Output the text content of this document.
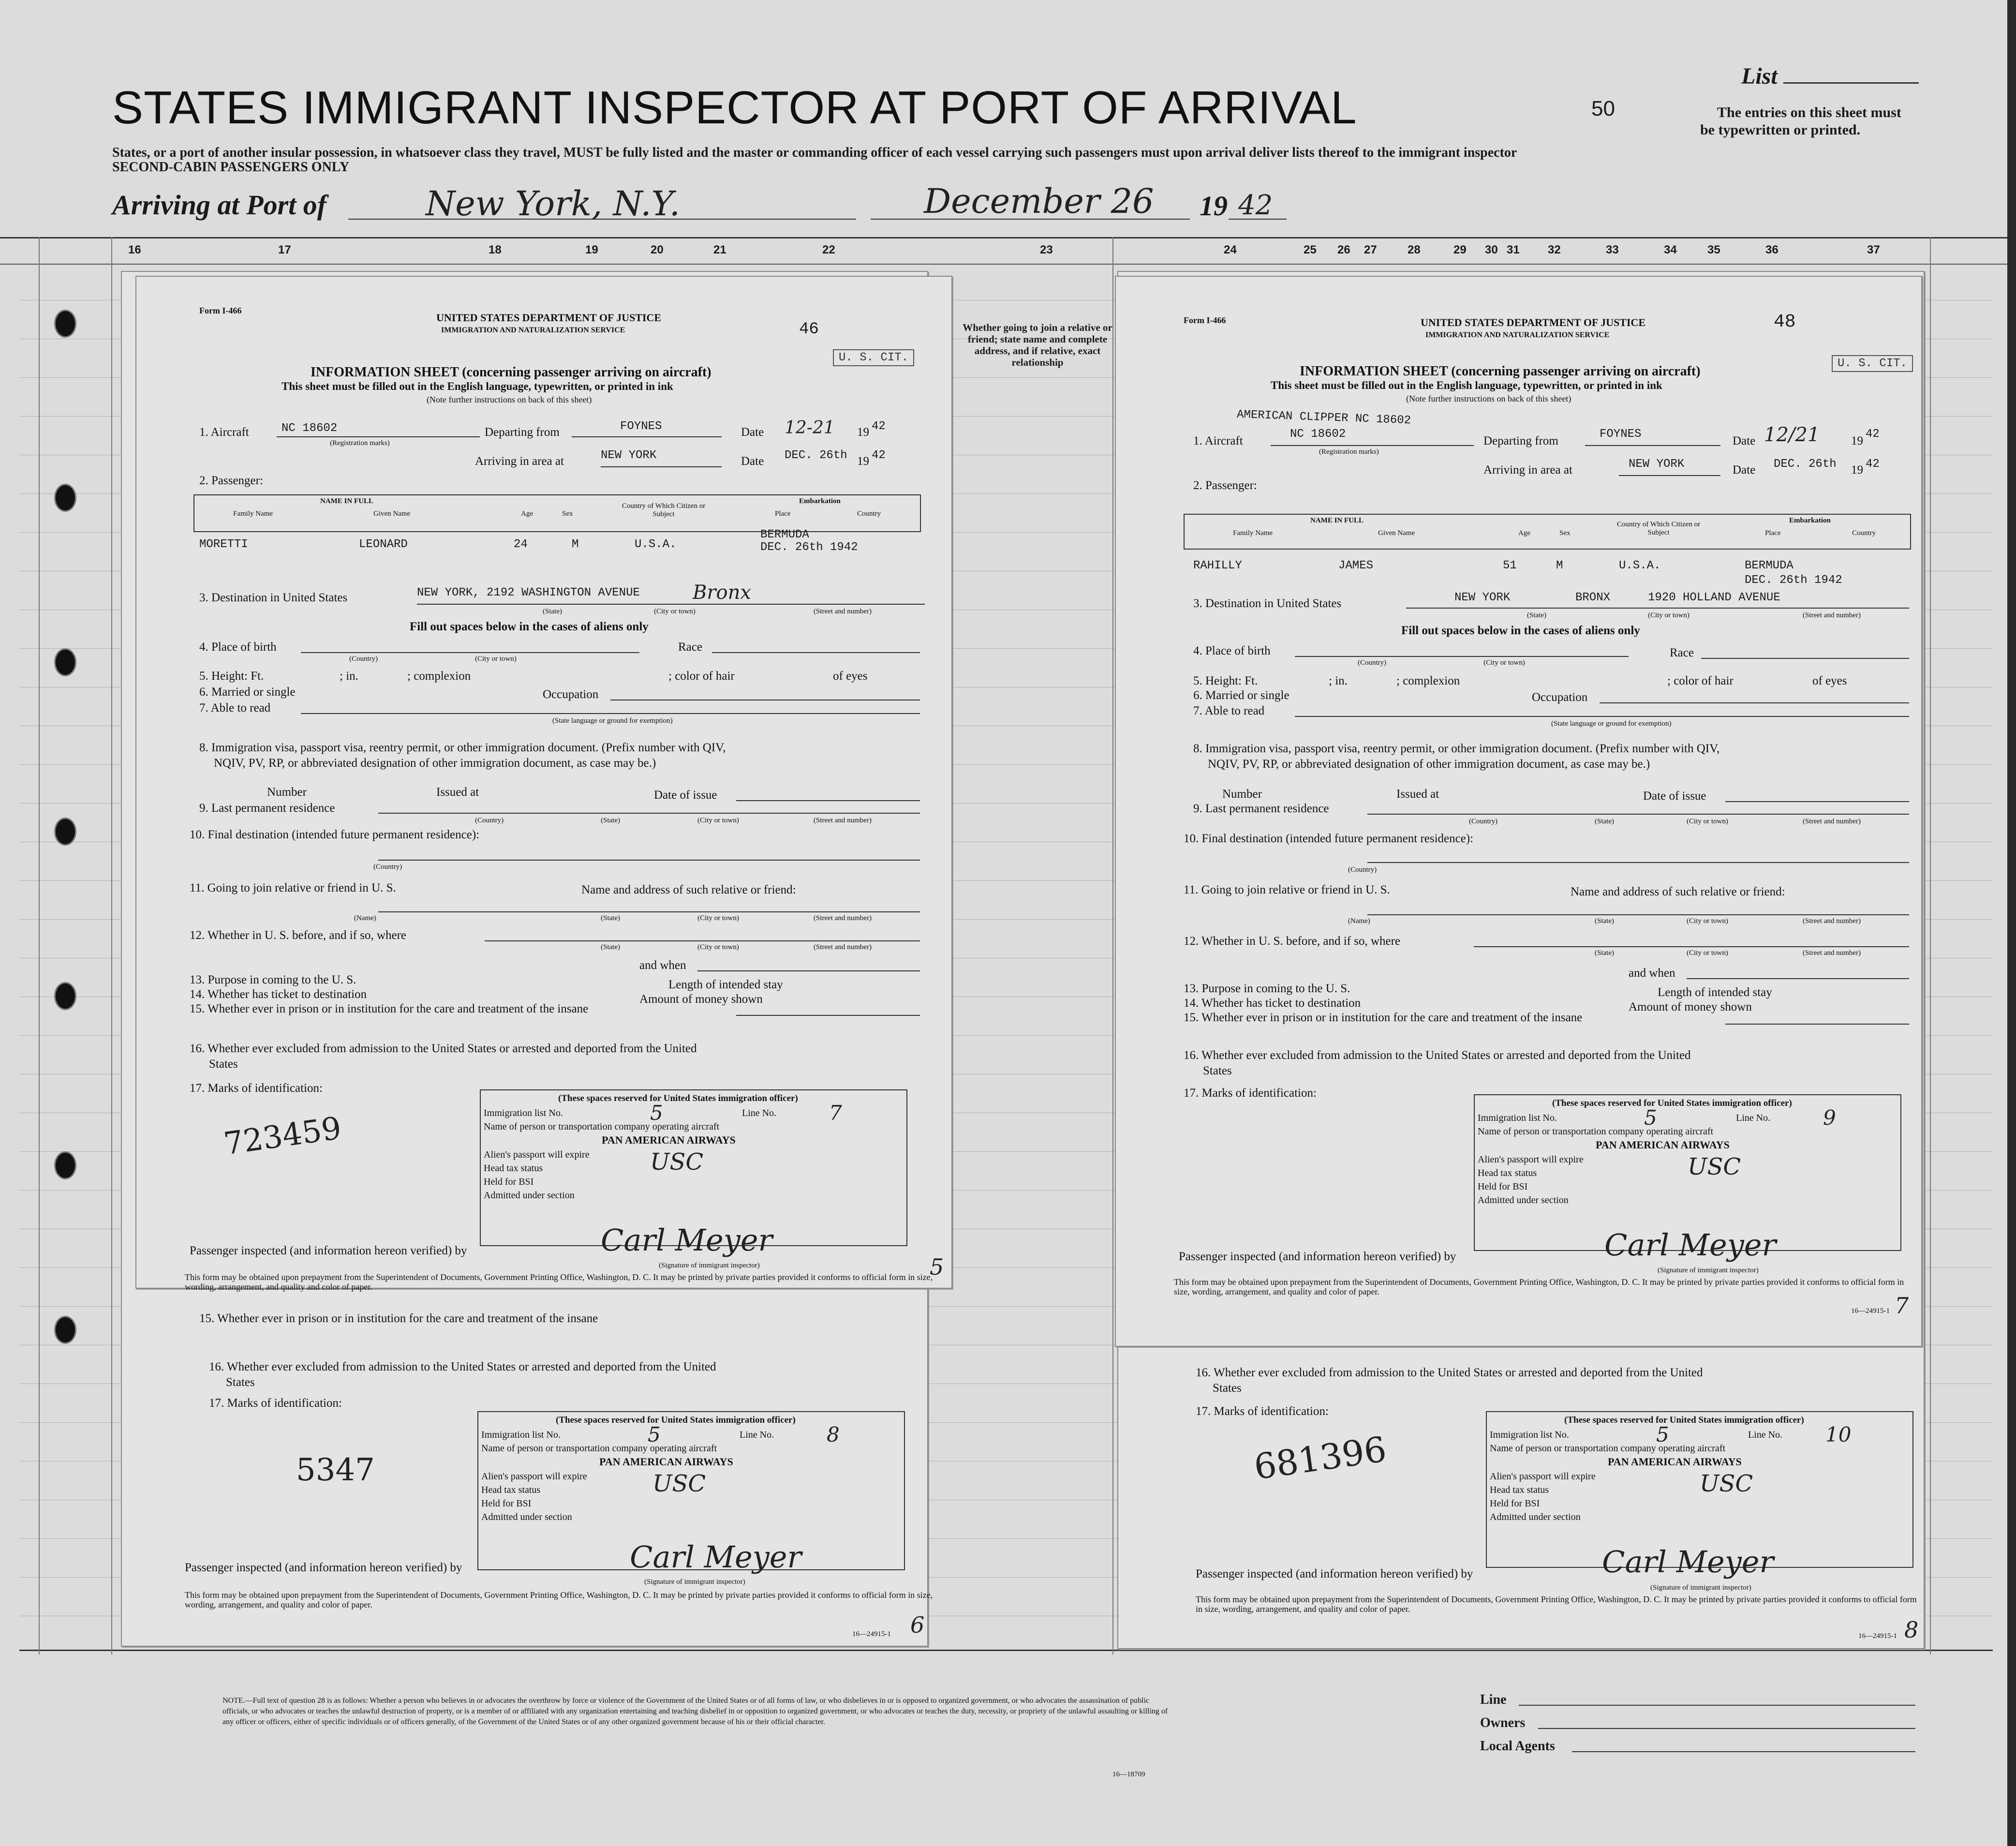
List
STATES IMMIGRANT INSPECTOR AT PORT OF ARRIVAL	50	The entries on this sheet must
be typewritten or printed.
States, or a port of another insular possession, in whatsoever class they travel, MUST be fully listed and the master or commanding officer of each vessel carrying such passengers must upon arrival deliver lists thereof to the immigrant inspector
SECOND-CABIN PASSENGERS ONLY
Arriving at Port of	New York, N.Y.	December 26 19 42
16	17	18	19	20	21	22	23	24	25 26 27	28	29 30 31 32	33	34	35	36	37
Whether going to join a relative or friend; state name and complete address, and if relative, exact relationship
15. Whether ever in prison or in institution for the care and treatment of the insane
16. Whether ever excluded from admission to the United States or arrested and deported from the United
States
17. Marks of identification:
5347
(These spaces reserved for United States immigration officer)
Immigration list No.	5	Line No.	8
Name of person or transportation company operating aircraft
PAN AMERICAN AIRWAYS
Alien's passport will expire
Head tax status	USC
Held for BSI
Admitted under section
Passenger inspected (and information hereon verified) by	Carl Meyer
(Signature of immigrant inspector)
This form may be obtained upon prepayment from the Superintendent of Documents, Government Printing Office, Washington, D. C. It may be printed by private parties provided it conforms to official form in size, wording, arrangement, and quality and color of paper.
16—24915-1 6
Form I-466
UNITED STATES DEPARTMENT OF JUSTICE
IMMIGRATION AND NATURALIZATION SERVICE	46
U. S. CIT.
INFORMATION SHEET (concerning passenger arriving on aircraft)
This sheet must be filled out in the English language, typewritten, or printed in ink
(Note further instructions on back of this sheet)
1. Aircraft	NC 18602
(Registration marks)
Departing from	FOYNES	Date 12-21 19 42
Arriving in area at	NEW YORK	Date DEC. 26th 19 42
2. Passenger:
NAME IN FULL
Family Name	Given Name	Age	Sex
Country of Which Citizen or Subject
Embarkation
Place	Country
MORETTI	LEONARD	24	M	U.S.A.
BERMUDA
DEC. 26th 1942
3. Destination in United States	NEW YORK, 2192 WASHINGTON AVENUE	Bronx
(State)	(City or town)	(Street and number)
Fill out spaces below in the cases of aliens only
4. Place of birth
(Country)	(City or town)
Race
5. Height: Ft.	; in.	; complexion	; color of hair	of eyes
6. Married or single	Occupation
7. Able to read
(State language or ground for exemption)
8. Immigration visa, passport visa, reentry permit, or other immigration document. (Prefix number with QIV,
NQIV, PV, RP, or abbreviated designation of other immigration document, as case may be.)
Number	Issued at	Date of issue
9. Last permanent residence
(Country)	(State)	(City or town)	(Street and number)
10. Final destination (intended future permanent residence):
(Country)
11. Going to join relative or friend in U. S.	Name and address of such relative or friend:
(Name)	(State)	(City or town)	(Street and number)
12. Whether in U. S. before, and if so, where
(State)	(City or town)	(Street and number)
and when
13. Purpose in coming to the U. S.	Length of intended stay
14. Whether has ticket to destination	Amount of money shown
15. Whether ever in prison or in institution for the care and treatment of the insane
16. Whether ever excluded from admission to the United States or arrested and deported from the United
States
17. Marks of identification:
723459
(These spaces reserved for United States immigration officer)
Immigration list No.	5	Line No.	7
Name of person or transportation company operating aircraft
PAN AMERICAN AIRWAYS
Alien's passport will expire
Head tax status	USC
Held for BSI
Admitted under section
Passenger inspected (and information hereon verified) by	Carl Meyer
(Signature of immigrant inspector)
This form may be obtained upon prepayment from the Superintendent of Documents, Government Printing Office, Washington, D. C. It may be printed by private parties provided it conforms to official form in size, wording, arrangement, and quality and color of paper.
5
16. Whether ever excluded from admission to the United States or arrested and deported from the United
States
17. Marks of identification:
681396
(These spaces reserved for United States immigration officer)
Immigration list No.	5	Line No. 10
Name of person or transportation company operating aircraft
PAN AMERICAN AIRWAYS
Alien's passport will expire
Head tax status	USC
Held for BSI
Admitted under section
Passenger inspected (and information hereon verified) by	Carl Meyer
(Signature of immigrant inspector)
This form may be obtained upon prepayment from the Superintendent of Documents, Government Printing Office, Washington, D. C. It may be printed by private parties provided it conforms to official form in size, wording, arrangement, and quality and color of paper.
16—24915-1 8
Form I-466	UNITED STATES DEPARTMENT OF JUSTICE
IMMIGRATION AND NATURALIZATION SERVICE
48
U. S. CIT.
INFORMATION SHEET (concerning passenger arriving on aircraft)
This sheet must be filled out in the English language, typewritten, or printed in ink
(Note further instructions on back of this sheet)
AMERICAN CLIPPER NC 18602
1. Aircraft
NC 18602
(Registration marks)
Departing from
FOYNES
Date 12/21	19
42
Arriving in area at	NEW YORK	Date DEC. 26th 19 42
2. Passenger:
NAME IN FULL
Family Name	Given Name	Age	Sex
Country of Which Citizen or Subject
Embarkation
Place	Country
RAHILLY	JAMES	51	M	U.S.A.	BERMUDA
DEC. 26th 1942
3. Destination in United States	NEW YORK	BRONX	1920 HOLLAND AVENUE
(State)	(City or town)	(Street and number)
Fill out spaces below in the cases of aliens only
4. Place of birth
(Country)	(City or town)
Race
5. Height: Ft.	; in.	; complexion	; color of hair	of eyes
6. Married or single	Occupation
7. Able to read
(State language or ground for exemption)
8. Immigration visa, passport visa, reentry permit, or other immigration document. (Prefix number with QIV,
NQIV, PV, RP, or abbreviated designation of other immigration document, as case may be.)
Number	Issued at	Date of issue
9. Last permanent residence
(Country)	(State)	(City or town)	(Street and number)
10. Final destination (intended future permanent residence):
(Country)
11. Going to join relative or friend in U. S.	Name and address of such relative or friend:
(Name)	(State)	(City or town)	(Street and number)
12. Whether in U. S. before, and if so, where
(State)	(City or town)	(Street and number)
and when
13. Purpose in coming to the U. S.	Length of intended stay
14. Whether has ticket to destination	Amount of money shown
15. Whether ever in prison or in institution for the care and treatment of the insane
16. Whether ever excluded from admission to the United States or arrested and deported from the United
States
17. Marks of identification:
(These spaces reserved for United States immigration officer)
Immigration list No.	5	Line No.	9
Name of person or transportation company operating aircraft
PAN AMERICAN AIRWAYS
Alien's passport will expire
Head tax status	USC
Held for BSI
Admitted under section
Passenger inspected (and information hereon verified) by	Carl Meyer
(Signature of immigrant inspector)
This form may be obtained upon prepayment from the Superintendent of Documents, Government Printing Office, Washington, D. C. It may be printed by private parties provided it conforms to official form in size, wording, arrangement, and quality and color of paper.
16—24915-1 7
NOTE.—Full text of question 28 is as follows: Whether a person who believes in or advocates the overthrow by force or violence of the Government of the United States or of all forms of law, or who disbelieves in or is opposed to organized government, or who advocates the assassination of public officials, or who advocates or teaches the unlawful destruction of property, or is a member of or affiliated with any organization entertaining and teaching disbelief in or opposition to organized government, or who advocates or teaches the duty, necessity, or propriety of the unlawful assaulting or killing of any officer or officers, either of specific individuals or of officers generally, of the Government of the United States or of any other organized government because of his or their official character.
16—18709
Line
Owners
Local Agents
